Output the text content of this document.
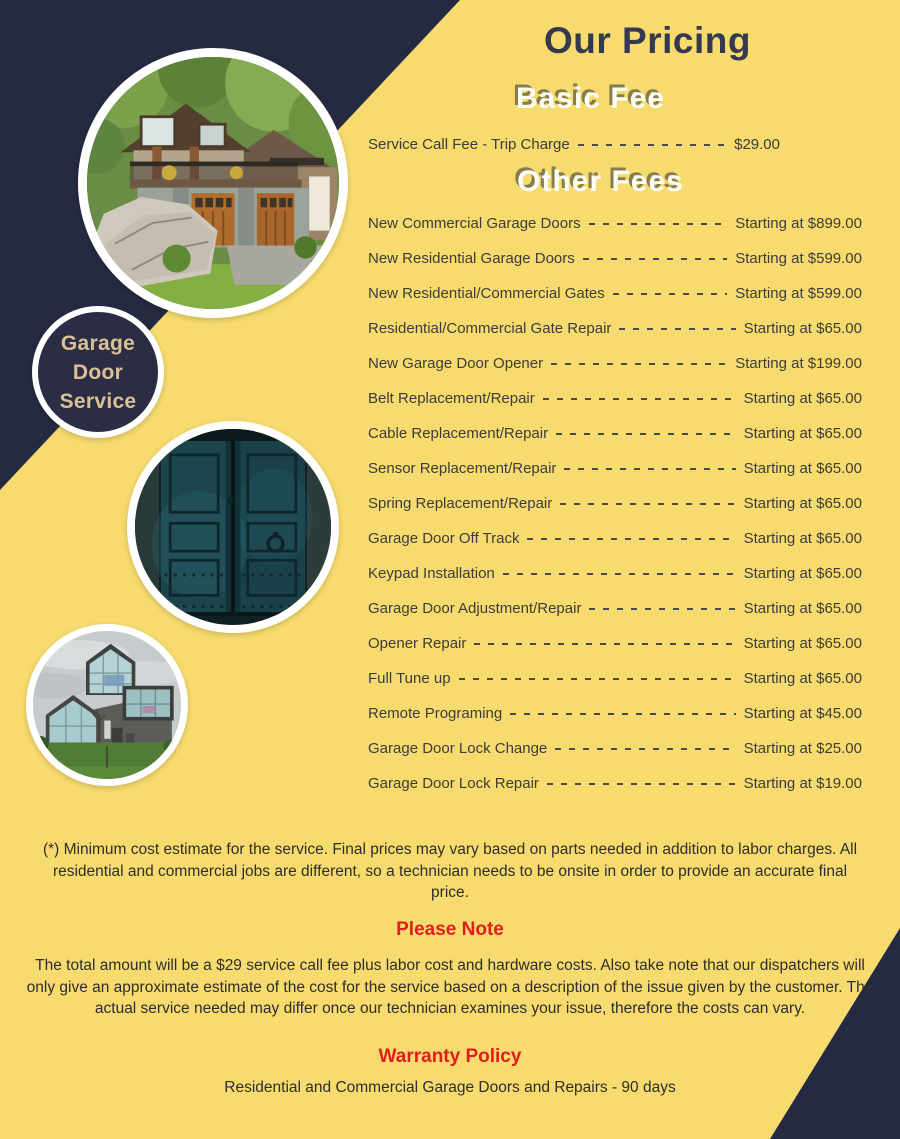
Garage
Door
Service
Our Pricing
Basic Fee
Service Call Fee - Trip Charge	$29.00
Other Fees
New Commercial Garage Doors	Starting at $899.00
New Residential Garage Doors	Starting at $599.00
New Residential/Commercial Gates	Starting at $599.00
Residential/Commercial Gate Repair	Starting at $65.00
New Garage Door Opener	Starting at $199.00
Belt Replacement/Repair	Starting at $65.00
Cable Replacement/Repair	Starting at $65.00
Sensor Replacement/Repair	Starting at $65.00
Spring Replacement/Repair	Starting at $65.00
Garage Door Off Track	Starting at $65.00
Keypad Installation	Starting at $65.00
Garage Door Adjustment/Repair	Starting at $65.00
Opener Repair	Starting at $65.00
Full Tune up	Starting at $65.00
Remote Programing	Starting at $45.00
Garage Door Lock Change	Starting at $25.00
Garage Door Lock Repair	Starting at $19.00
(*) Minimum cost estimate for the service. Final prices may vary based on parts needed in addition to labor charges. All residential and commercial jobs are different, so a technician needs to be onsite in order to provide an accurate final price.
Please Note
The total amount will be a $29 service call fee plus labor cost and hardware costs. Also take note that our dispatchers will only give an approximate estimate of the cost for the service based on a description of the issue given by the customer. The actual service needed may differ once our technician examines your issue, therefore the costs can vary.
Warranty Policy
Residential and Commercial Garage Doors and Repairs - 90 days
